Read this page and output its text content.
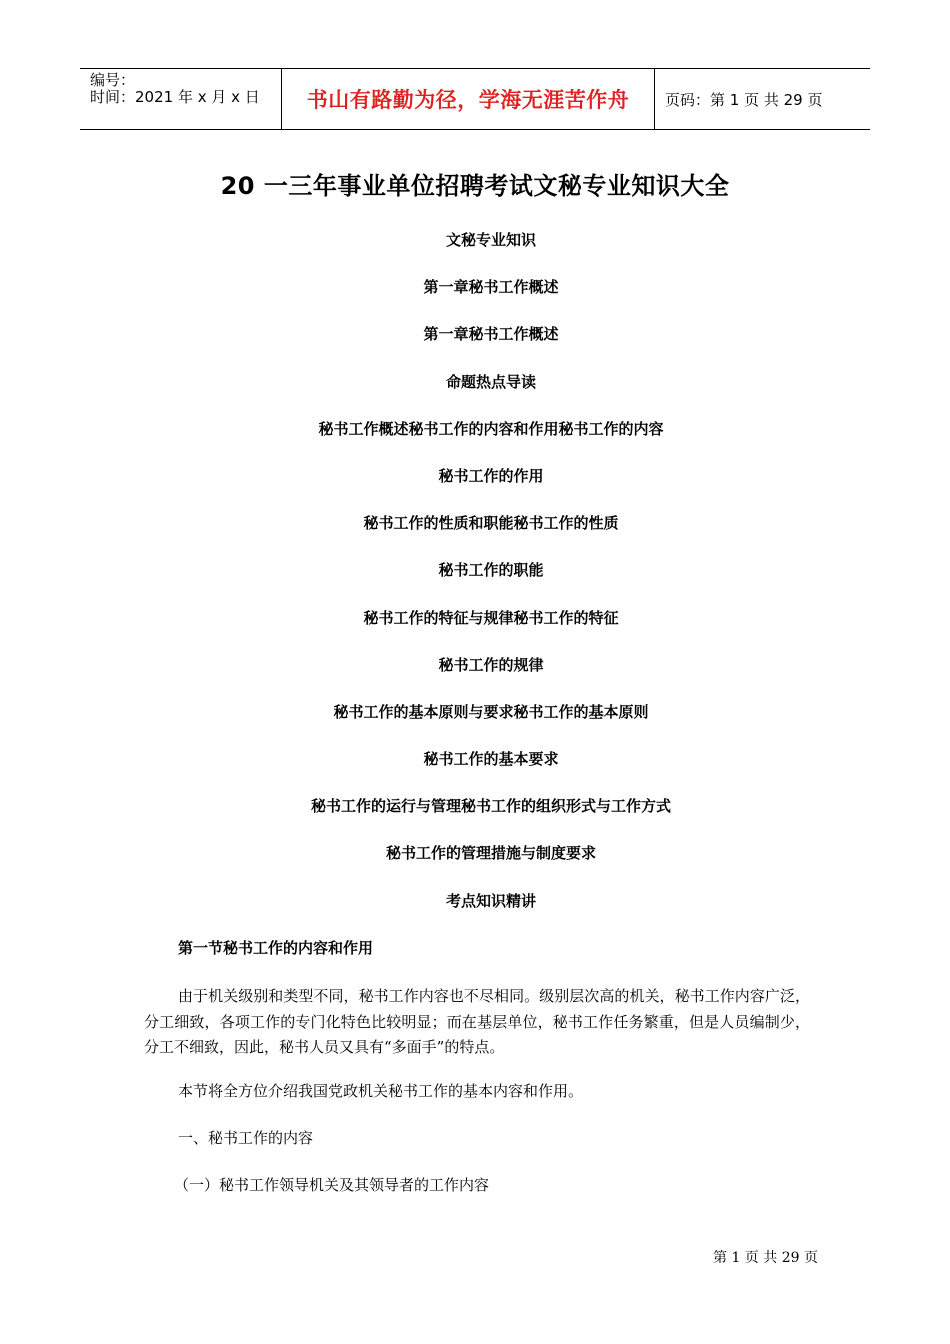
编号：
时间：2021 年 x 月 x 日 书山有路勤为径，学海无涯苦作舟 页码：第 1 页 共 29 页
20 一三年事业单位招聘考试文秘专业知识大全
文秘专业知识
第一章秘书工作概述
第一章秘书工作概述
命题热点导读
秘书工作概述秘书工作的内容和作用秘书工作的内容
秘书工作的作用
秘书工作的性质和职能秘书工作的性质
秘书工作的职能
秘书工作的特征与规律秘书工作的特征
秘书工作的规律
秘书工作的基本原则与要求秘书工作的基本原则
秘书工作的基本要求
秘书工作的运行与管理秘书工作的组织形式与工作方式
秘书工作的管理措施与制度要求
考点知识精讲
第一节秘书工作的内容和作用
由于机关级别和类型不同，秘书工作内容也不尽相同。级别层次高的机关，秘书工作内容广泛，分工细致，各项工作的专门化特色比较明显；而在基层单位，秘书工作任务繁重，但是人员编制少，分工不细致，因此，秘书人员又具有“多面手”的特点。
本节将全方位介绍我国党政机关秘书工作的基本内容和作用。
一、秘书工作的内容
（一）秘书工作领导机关及其领导者的工作内容
第 1 页 共 29 页
